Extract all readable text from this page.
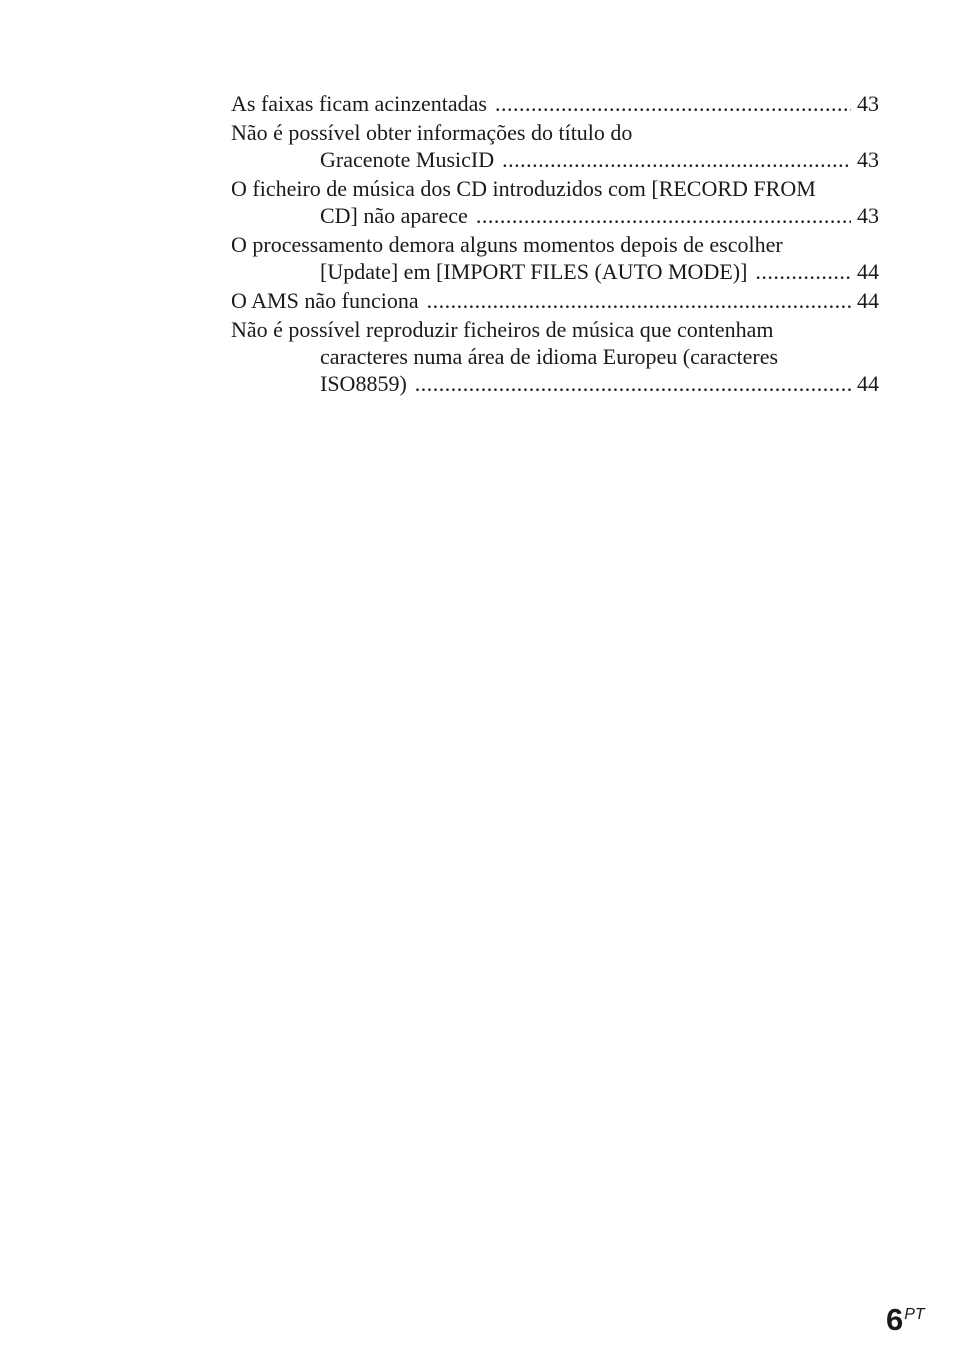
As faixas ficam acinzentadas .....	43
Não é possível obter informações do título do
Gracenote MusicID .....	43
O ficheiro de música dos CD introduzidos com [RECORD FROM
CD] não aparece .....	43
O processamento demora alguns momentos depois de escolher
[Update] em [IMPORT FILES (AUTO MODE)] .....	44
O AMS não funciona .....	44
Não é possível reproduzir ficheiros de música que contenham
caracteres numa área de idioma Europeu (caracteres
ISO8859) .....	44
6PT
